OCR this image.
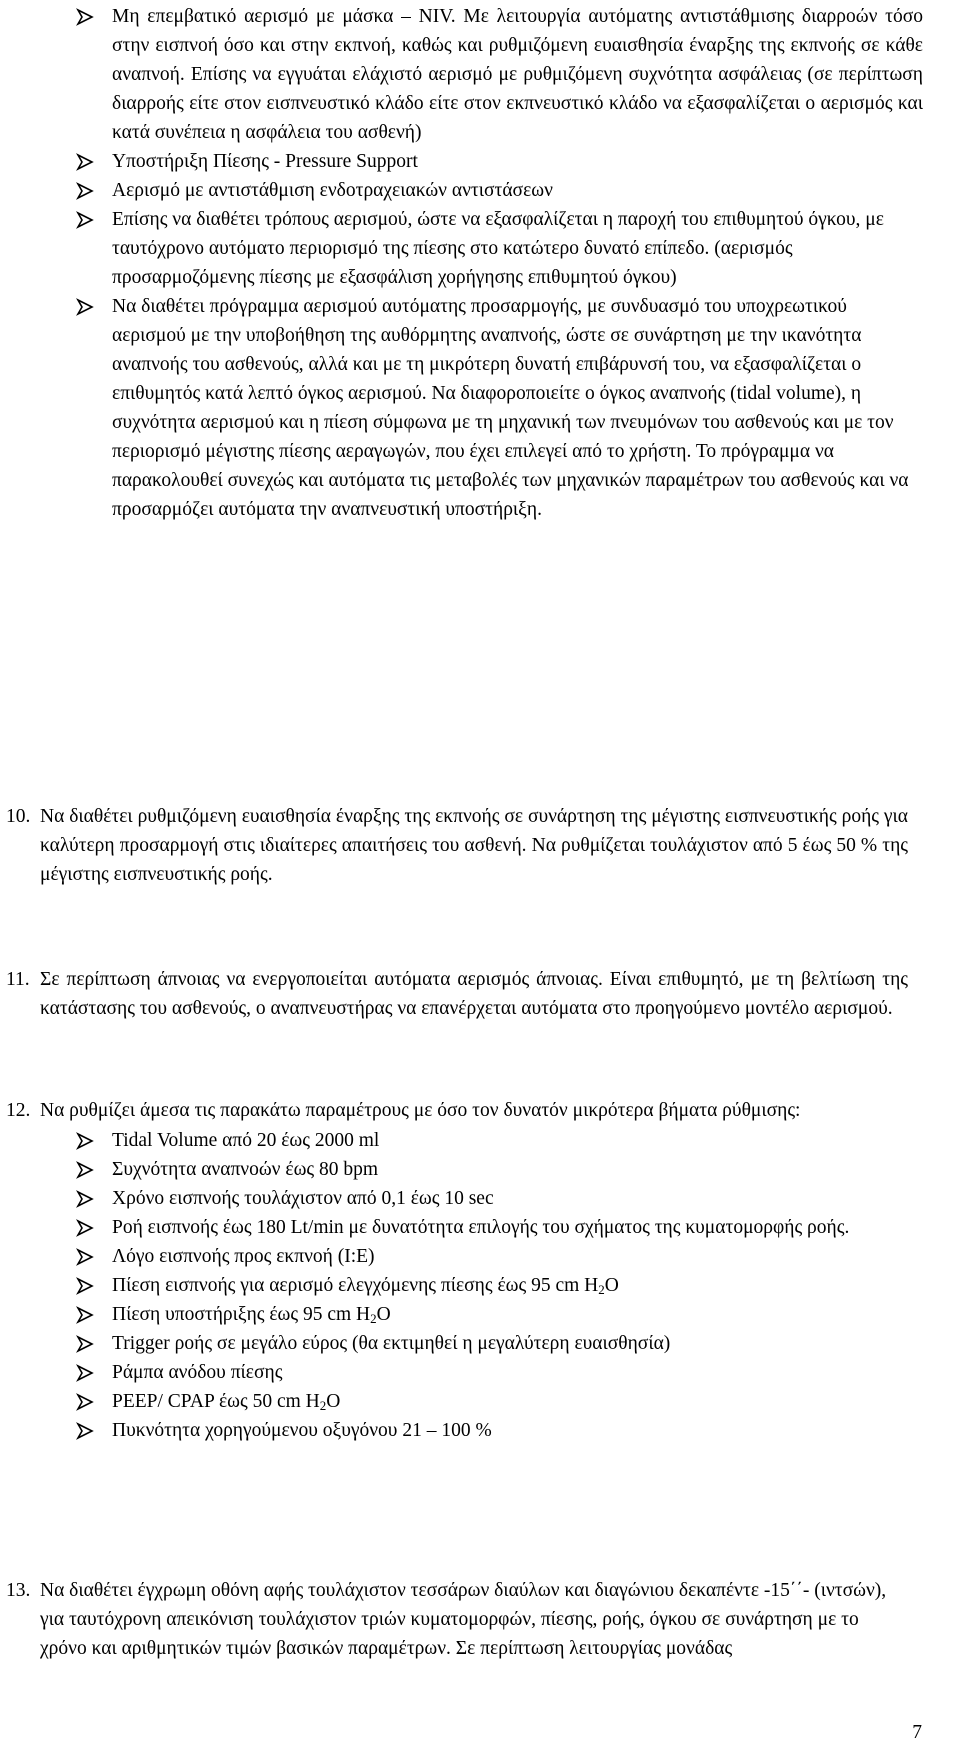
Μη επεμβατικό αερισμό με μάσκα – NIV. Με λειτουργία αυτόματης αντιστάθμισης διαρροών τόσο στην εισπνοή όσο και στην εκπνοή, καθώς και ρυθμιζόμενη ευαισθησία έναρξης της εκπνοής σε κάθε αναπνοή. Επίσης να εγγυάται ελάχιστό αερισμό με ρυθμιζόμενη συχνότητα ασφάλειας (σε περίπτωση διαρροής είτε στον εισπνευστικό κλάδο είτε στον εκπνευστικό κλάδο να εξασφαλίζεται ο αερισμός και κατά συνέπεια η ασφάλεια του ασθενή)
Υποστήριξη Πίεσης - Pressure Support
Αερισμό με αντιστάθμιση ενδοτραχειακών αντιστάσεων
Επίσης να διαθέτει τρόπους αερισμού, ώστε να εξασφαλίζεται η παροχή του επιθυμητού όγκου, με ταυτόχρονο αυτόματο περιορισμό της πίεσης στο κατώτερο δυνατό επίπεδο. (αερισμός προσαρμοζόμενης πίεσης με εξασφάλιση χορήγησης επιθυμητού όγκου)
Να διαθέτει πρόγραμμα αερισμού αυτόματης προσαρμογής, με συνδυασμό του υποχρεωτικού αερισμού με την υποβοήθηση της αυθόρμητης αναπνοής, ώστε σε συνάρτηση με την ικανότητα αναπνοής του ασθενούς, αλλά και με τη μικρότερη δυνατή επιβάρυνσή του, να εξασφαλίζεται ο επιθυμητός κατά λεπτό όγκος αερισμού. Να διαφοροποιείτε ο όγκος αναπνοής (tidal volume), η συχνότητα αερισμού και η πίεση σύμφωνα με τη μηχανική των πνευμόνων του ασθενούς και με τον περιορισμό μέγιστης πίεσης αεραγωγών, που έχει επιλεγεί από το χρήστη. Το πρόγραμμα να παρακολουθεί συνεχώς και αυτόματα τις μεταβολές των μηχανικών παραμέτρων του ασθενούς και να προσαρμόζει αυτόματα την αναπνευστική υποστήριξη.
10. Να διαθέτει ρυθμιζόμενη ευαισθησία έναρξης της εκπνοής σε συνάρτηση της μέγιστης εισπνευστικής ροής για καλύτερη προσαρμογή στις ιδιαίτερες απαιτήσεις του ασθενή. Να ρυθμίζεται τουλάχιστον από 5 έως 50 % της μέγιστης εισπνευστικής ροής.
11. Σε περίπτωση άπνοιας να ενεργοποιείται αυτόματα αερισμός άπνοιας. Είναι επιθυμητό, με τη βελτίωση της κατάστασης του ασθενούς, ο αναπνευστήρας να επανέρχεται αυτόματα στο προηγούμενο μοντέλο αερισμού.
12. Να ρυθμίζει άμεσα τις παρακάτω παραμέτρους με όσο τον δυνατόν μικρότερα βήματα ρύθμισης:
Tidal Volume από 20 έως 2000 ml
Συχνότητα αναπνοών έως 80 bpm
Χρόνο εισπνοής τουλάχιστον από 0,1 έως 10 sec
Ροή εισπνοής έως 180 Lt/min με δυνατότητα επιλογής του σχήματος της κυματομορφής ροής.
Λόγο εισπνοής προς εκπνοή (I:E)
Πίεση εισπνοής για αερισμό ελεγχόμενης πίεσης έως 95 cm $H_2O$
Πίεση υποστήριξης έως 95 cm $H_2O$
Trigger ροής σε μεγάλο εύρος (θα εκτιμηθεί η μεγαλύτερη ευαισθησία)
Ράμπα ανόδου πίεσης
PEEP/ CPAP έως 50 cm $H_2O$
Πυκνότητα χορηγούμενου οξυγόνου 21 – 100 %
13. Να διαθέτει έγχρωμη οθόνη αφής τουλάχιστον τεσσάρων διαύλων και διαγώνιου δεκαπέντε -15΄΄- (ιντσών), για ταυτόχρονη απεικόνιση τουλάχιστον τριών κυματομορφών, πίεσης, ροής, όγκου σε συνάρτηση με το χρόνο και αριθμητικών τιμών βασικών παραμέτρων. Σε περίπτωση λειτουργίας μονάδας
7
